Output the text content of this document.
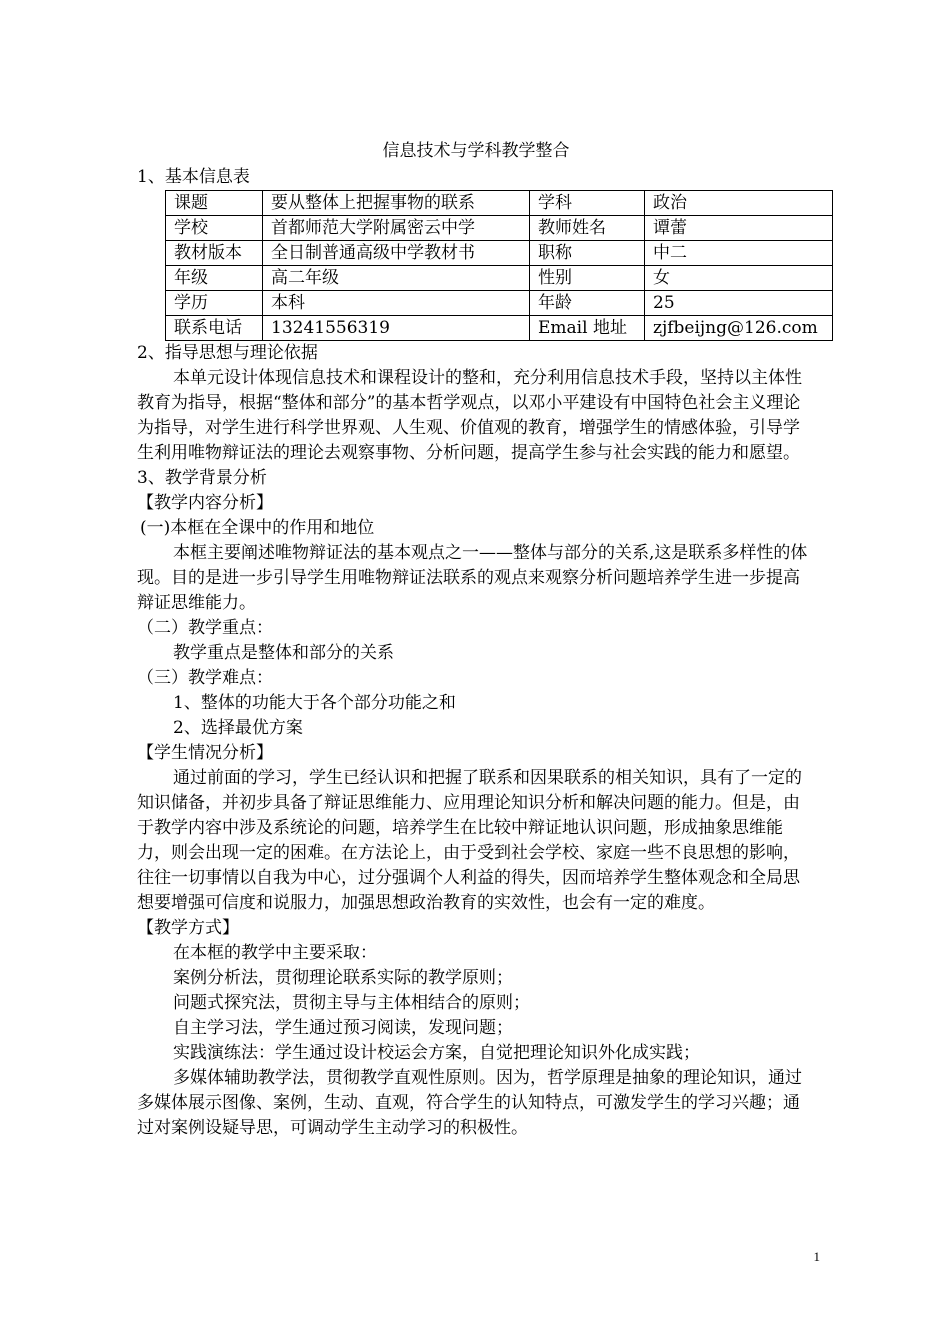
信息技术与学科教学整合

1、基本信息表

课题	要从整体上把握事物的联系	学科	政治
学校	首都师范大学附属密云中学	教师姓名	谭蕾
教材版本	全日制普通高级中学教材书	职称	中二
年级	高二年级	性别	女
学历	本科	年龄	25
联系电话	13241556319	Email 地址	zjfbeijng@126.com

2、指导思想与理论依据

本单元设计体现信息技术和课程设计的整和，充分利用信息技术手段，坚持以主体性教育为指导，根据“整体和部分”的基本哲学观点，以邓小平建设有中国特色社会主义理论为指导，对学生进行科学世界观、人生观、价值观的教育，增强学生的情感体验，引导学生利用唯物辩证法的理论去观察事物、分析问题，提高学生参与社会实践的能力和愿望。

3、教学背景分析

【教学内容分析】

(一)本框在全课中的作用和地位

本框主要阐述唯物辩证法的基本观点之一——整体与部分的关系,这是联系多样性的体现。目的是进一步引导学生用唯物辩证法联系的观点来观察分析问题培养学生进一步提高辩证思维能力。

（二）教学重点：

教学重点是整体和部分的关系

（三）教学难点：

1、整体的功能大于各个部分功能之和

2、选择最优方案

【学生情况分析】

通过前面的学习，学生已经认识和把握了联系和因果联系的相关知识，具有了一定的知识储备，并初步具备了辩证思维能力、应用理论知识分析和解决问题的能力。但是，由于教学内容中涉及系统论的问题，培养学生在比较中辩证地认识问题，形成抽象思维能力，则会出现一定的困难。在方法论上，由于受到社会学校、家庭一些不良思想的影响，往往一切事情以自我为中心，过分强调个人利益的得失，因而培养学生整体观念和全局思想要增强可信度和说服力，加强思想政治教育的实效性，也会有一定的难度。

【教学方式】

在本框的教学中主要采取：

案例分析法，贯彻理论联系实际的教学原则；

问题式探究法，贯彻主导与主体相结合的原则；

自主学习法，学生通过预习阅读，发现问题；

实践演练法：学生通过设计校运会方案，自觉把理论知识外化成实践；

多媒体辅助教学法，贯彻教学直观性原则。因为，哲学原理是抽象的理论知识，通过多媒体展示图像、案例，生动、直观，符合学生的认知特点，可激发学生的学习兴趣；通过对案例设疑导思，可调动学生主动学习的积极性。

1
